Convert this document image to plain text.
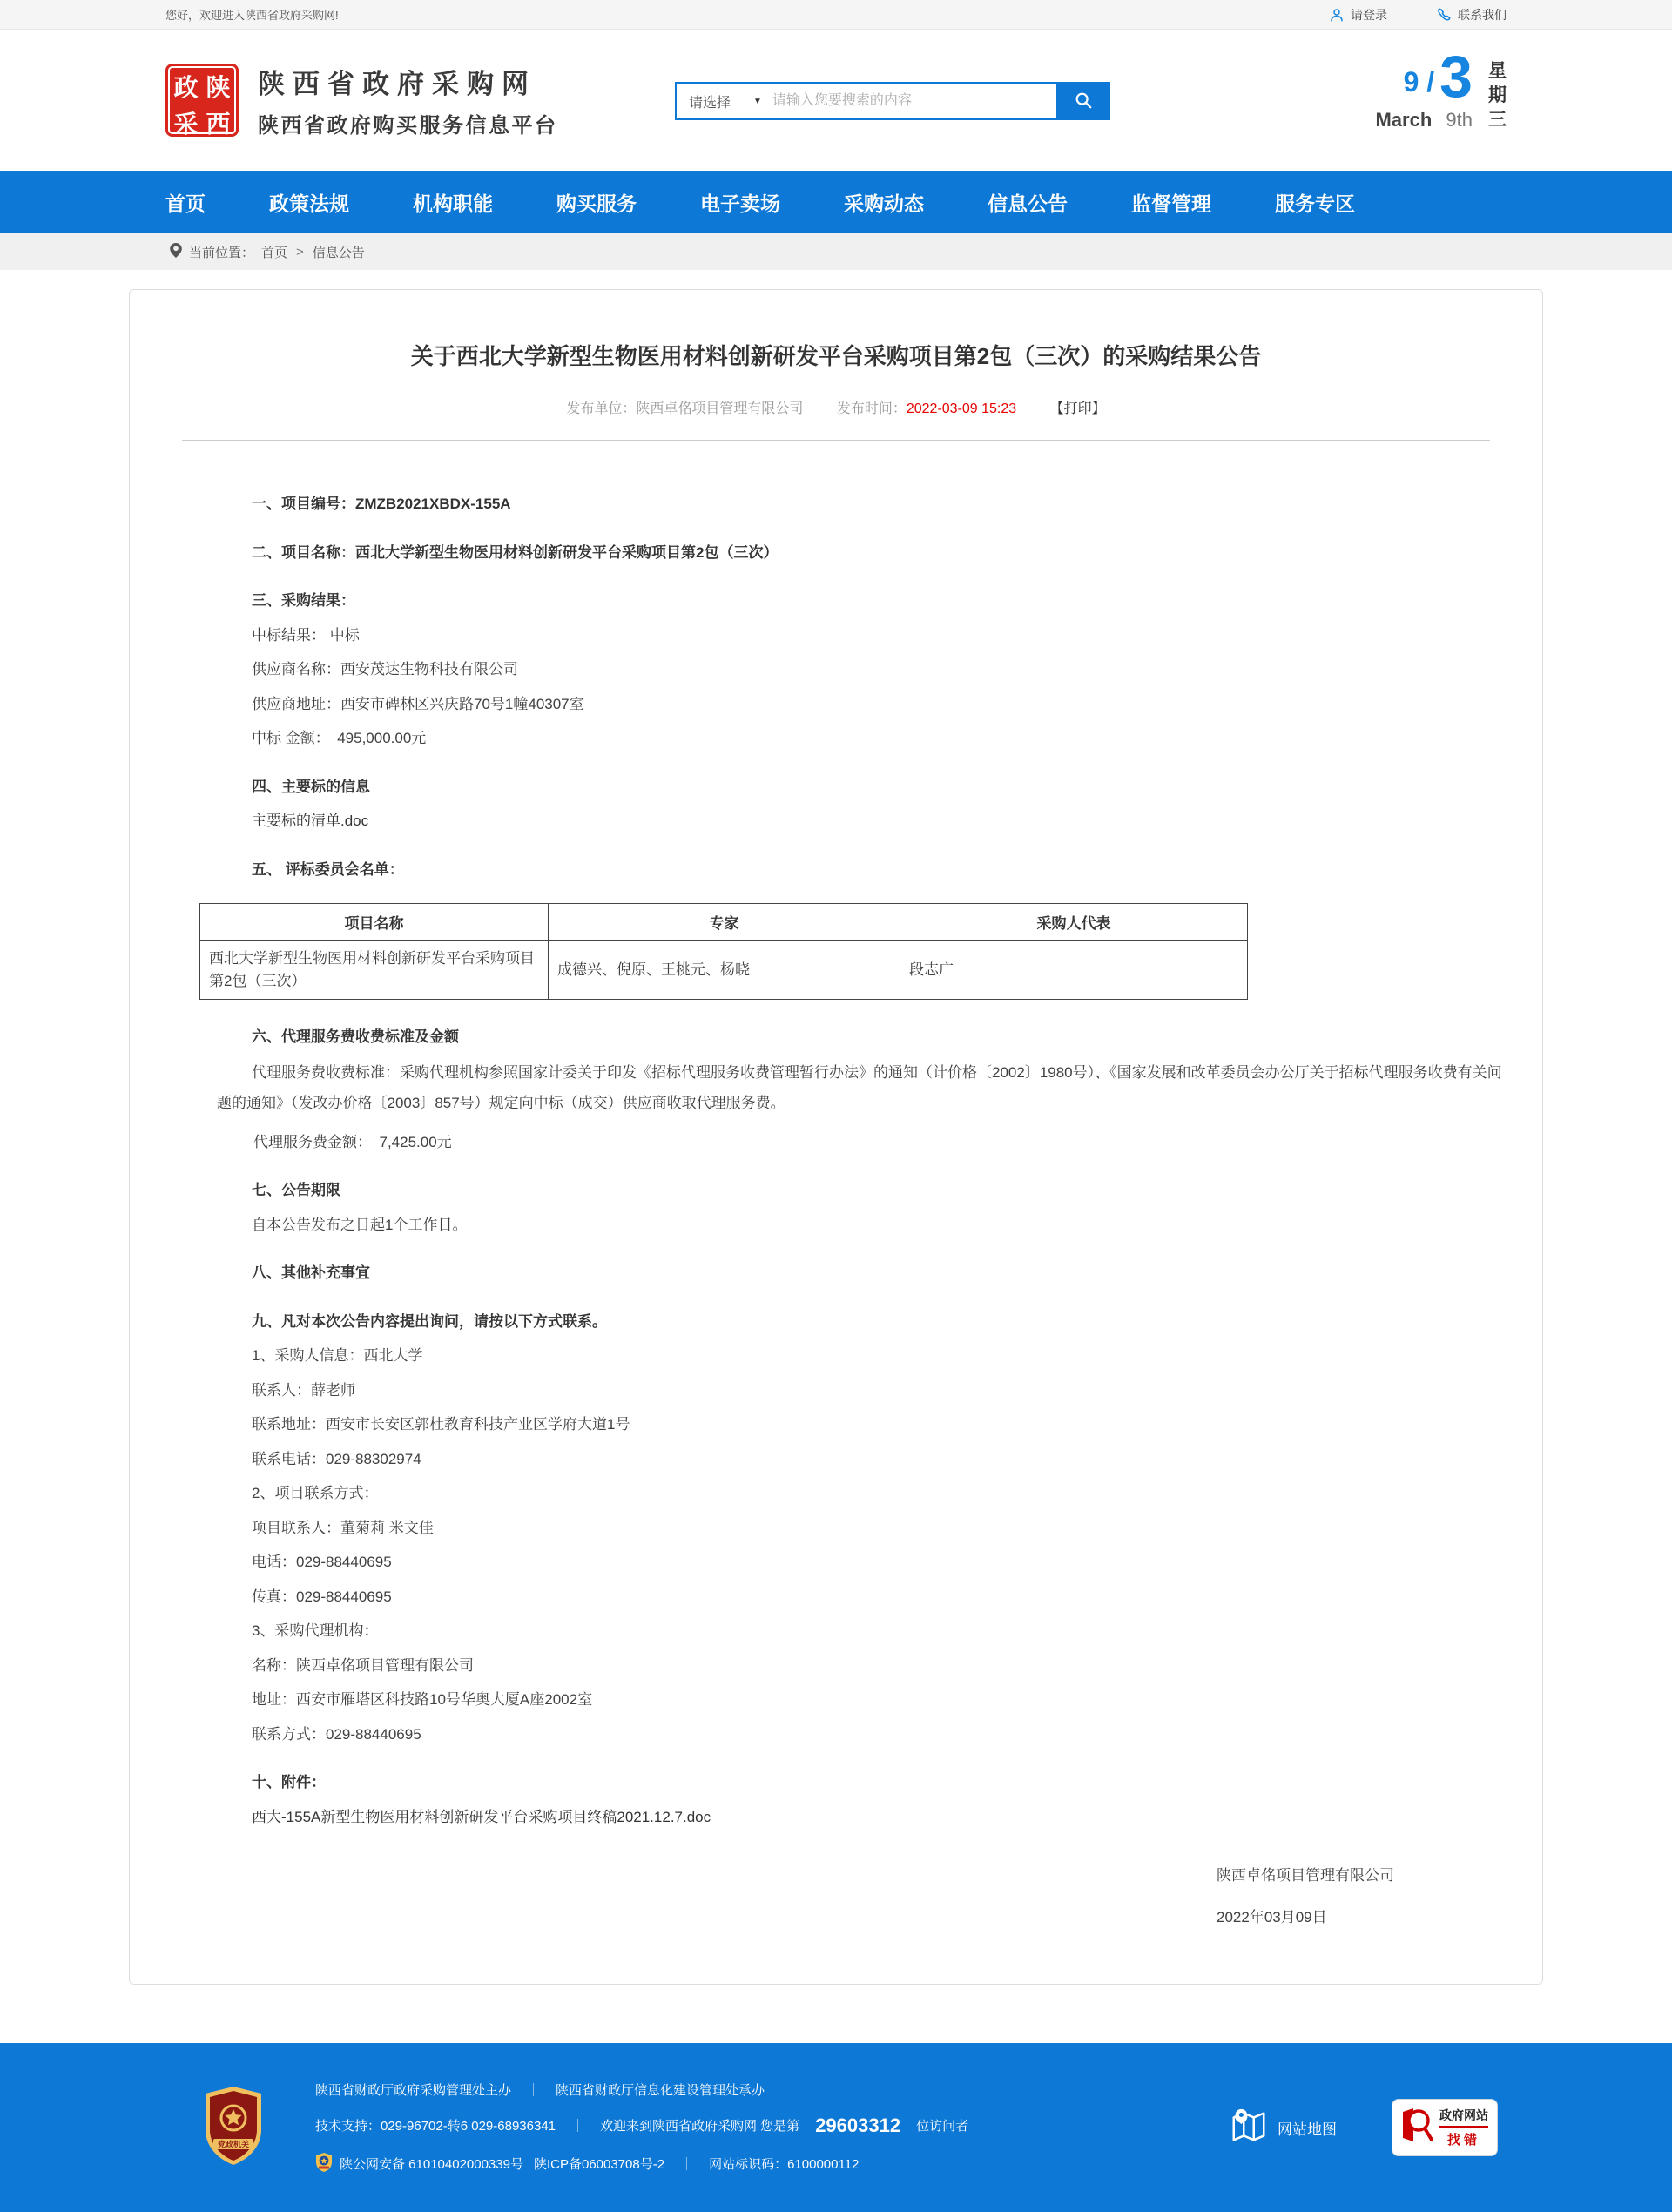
您好，欢迎进入陕西省政府采购网!	请登录	联系我们
政 陕
采 西
陕西省政府采购网
陕西省政府购买服务信息平台
请选择	▼
请输入您要搜索的内容
9 / 3
March 9th
星
期
三
首页	政策法规	机构职能	购买服务	电子卖场	采购动态	信息公告	监督管理	服务专区
当前位置： 首页 > 信息公告
关于西北大学新型生物医用材料创新研发平台采购项目第2包（三次）的采购结果公告
发布单位：陕西卓佲项目管理有限公司 发布时间：2022-03-09 15:23 【打印】

一、项目编号：ZMZB2021XBDX-155A

二、项目名称：西北大学新型生物医用材料创新研发平台采购项目第2包（三次）

三、采购结果：

中标结果： 中标

供应商名称：西安茂达生物科技有限公司

供应商地址：西安市碑林区兴庆路70号1幢40307室

中标 金额：　495,000.00元

四、主要标的信息

主要标的清单.doc

五、 评标委员会名单：

项目名称	专家	采购人代表
西北大学新型生物医用材料创新研发平台采购项目第2包（三次）	成德兴、倪原、王桃元、杨晓	段志广

六、代理服务费收费标准及金额

代理服务费收费标准：采购代理机构参照国家计委关于印发《招标代理服务收费管理暂行办法》的通知（计价格〔2002〕1980号）、《国家发展和改革委员会办公厅关于招标代理服务收费有关问题的通知》（发改办价格〔2003〕857号）规定向中标（成交）供应商收取代理服务费。

代理服务费金额：　7,425.00元

七、公告期限

自本公告发布之日起1个工作日。

八、其他补充事宜

九、凡对本次公告内容提出询问，请按以下方式联系。

1、采购人信息：西北大学

联系人：薛老师

联系地址：西安市长安区郭杜教育科技产业区学府大道1号

联系电话：029-88302974

2、项目联系方式：

项目联系人：董菊莉 米文佳

电话：029-88440695

传真：029-88440695

3、采购代理机构：

名称：陕西卓佲项目管理有限公司

地址：西安市雁塔区科技路10号华奥大厦A座2002室

联系方式：029-88440695

十、附件：

西大-155A新型生物医用材料创新研发平台采购项目终稿2021.12.7.doc

陕西卓佲项目管理有限公司
2022年03月09日
党政机关
陕西省财政厅政府采购管理处主办	｜	陕西省财政厅信息化建设管理处承办
技术支持：029-96702-转6 029-68936341	｜	欢迎来到陕西省政府采购网 您是第 29603312 位访问者
陕公网安备 61010402000339号 陕ICP备06003708号-2	｜	网站标识码：6100000112
网站地图
政府网站
找错
